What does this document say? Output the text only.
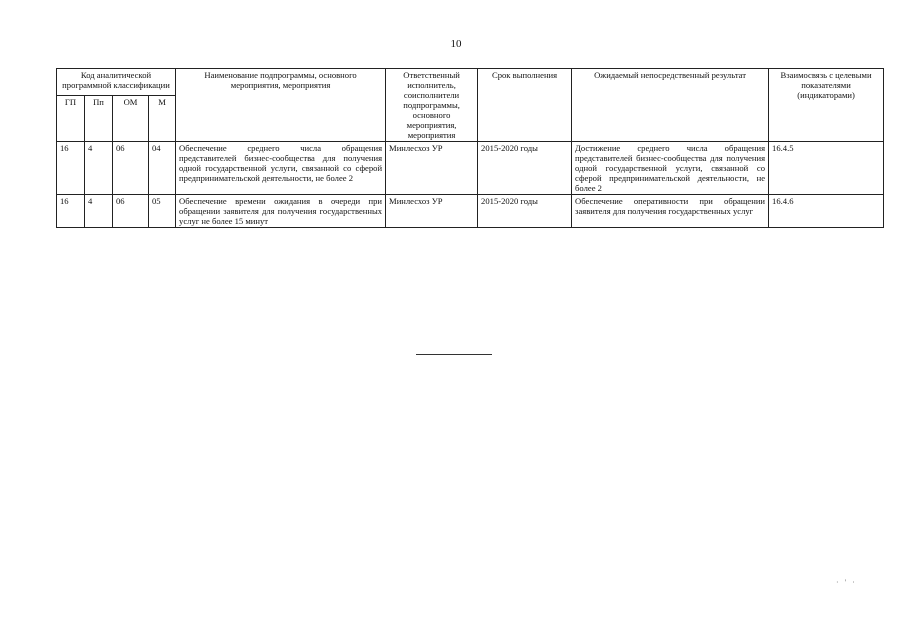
10
Код аналитической программной классификации				Наименование подпрограммы, основного мероприятия, мероприятия	Ответственный исполнитель, соисполнители подпрограммы, основного мероприятия, мероприятия	Срок выполнения	Ожидаемый непосредственный результат	Взаимосвязь с целевыми показателями (индикаторами)
ГП	Пп	ОМ	М					
16	4	06	04	Обеспечение среднего числа обращения представителей бизнес-сообщества для получения одной государственной услуги, связанной со сферой предпринимательской деятельности, не более 2	Минлесхоз УР	2015-2020 годы	Достижение среднего числа обращения представителей бизнес-сообщества для получения одной государственной услуги, связанной со сферой предпринимательской деятельности, не более 2	16.4.5
16	4	06	05	Обеспечение времени ожидания в очереди при обращении заявителя для получения государственных услуг не более 15 минут	Минлесхоз УР	2015-2020 годы	Обеспечение оперативности при обращении заявителя для получения государственных услуг	16.4.6
· ' ·
